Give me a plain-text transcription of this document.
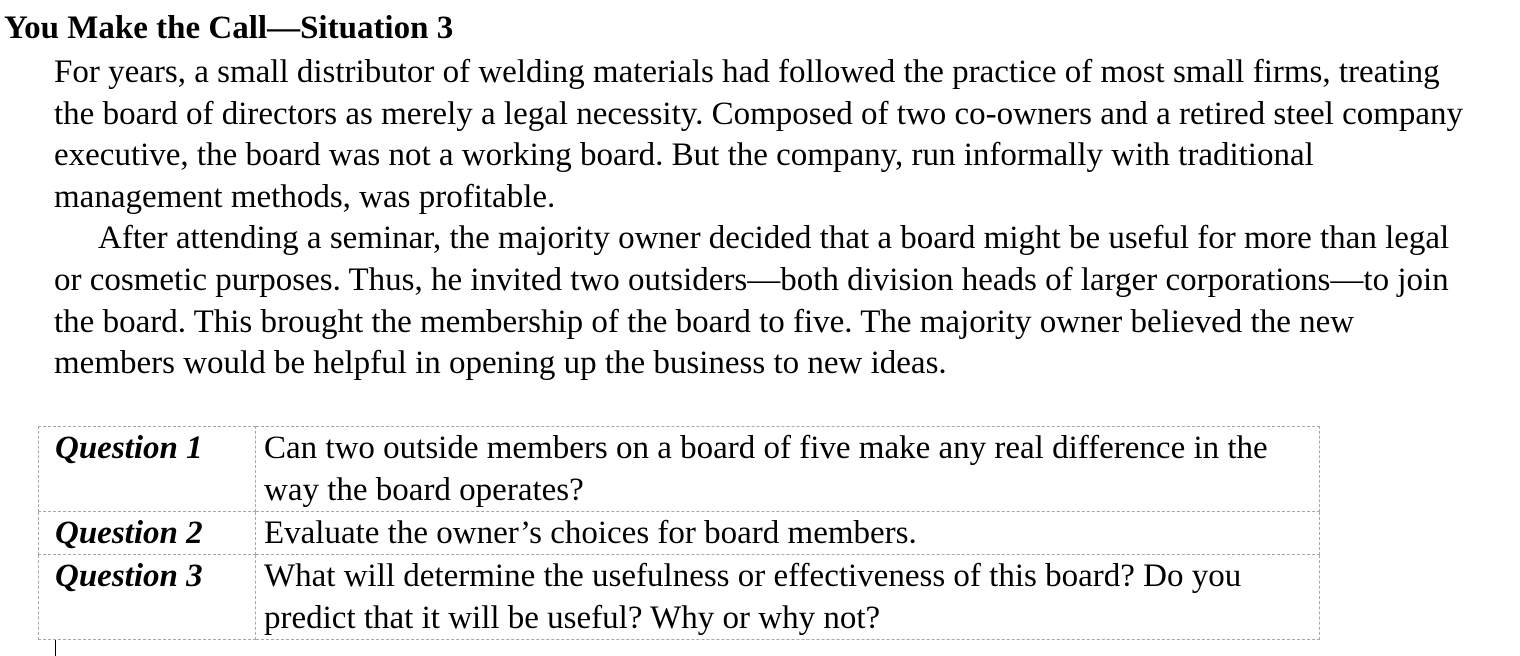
You Make the Call—Situation 3

For years, a small distributor of welding materials had followed the practice of most small firms, treating the board of directors as merely a legal necessity. Composed of two co-owners and a retired steel company executive, the board was not a working board. But the company, run informally with traditional management methods, was profitable.

After attending a seminar, the majority owner decided that a board might be useful for more than legal or cosmetic purposes. Thus, he invited two outsiders—both division heads of larger corporations—to join the board. This brought the membership of the board to five. The majority owner believed the new members would be helpful in opening up the business to new ideas.

Question 1	Can two outside members on a board of five make any real difference in the way the board operates?
Question 2	Evaluate the owner’s choices for board members.
Question 3	What will determine the usefulness or effectiveness of this board? Do you predict that it will be useful? Why or why not?
